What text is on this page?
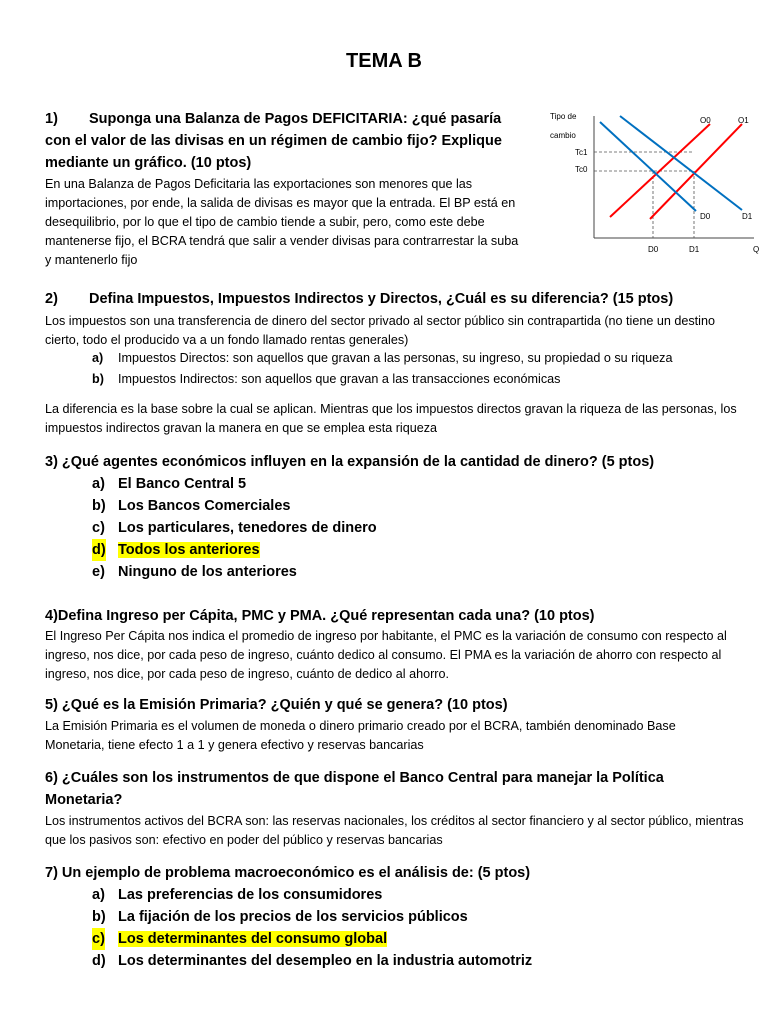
TEMA B
1) Suponga una Balanza de Pagos DEFICITARIA: ¿qué pasaría con el valor de las divisas en un régimen de cambio fijo? Explique mediante un gráfico. (10 ptos)
En una Balanza de Pagos Deficitaria las exportaciones son menores que las importaciones, por ende, la salida de divisas es mayor que la entrada. El BP está en desequilibrio, por lo que el tipo de cambio tiende a subir, pero, como este debe mantenerse fijo, el BCRA tendrá que salir a vender divisas para contrarrestar la suba y mantenerlo fijo
Tipo de
cambio
Tc1
Tc0
O0	O1
D0	D1
D0	D1	Q
2) Defina Impuestos, Impuestos Indirectos y Directos, ¿Cuál es su diferencia? (15 ptos)
Los impuestos son una transferencia de dinero del sector privado al sector público sin contrapartida (no tiene un destino cierto, todo el producido va a un fondo llamado rentas generales)
a) Impuestos Directos: son aquellos que gravan a las personas, su ingreso, su propiedad o su riqueza
b) Impuestos Indirectos: son aquellos que gravan a las transacciones económicas
La diferencia es la base sobre la cual se aplican. Mientras que los impuestos directos gravan la riqueza de las personas, los impuestos indirectos gravan la manera en que se emplea esta riqueza
3) ¿Qué agentes económicos influyen en la expansión de la cantidad de dinero? (5 ptos)
a) El Banco Central 5
b) Los Bancos Comerciales
c) Los particulares, tenedores de dinero
d) Todos los anteriores
e) Ninguno de los anteriores
4)Defina Ingreso per Cápita, PMC y PMA. ¿Qué representan cada una? (10 ptos)
El Ingreso Per Cápita nos indica el promedio de ingreso por habitante, el PMC es la variación de consumo con respecto al ingreso, nos dice, por cada peso de ingreso, cuánto dedico al consumo. El PMA es la variación de ahorro con respecto al ingreso, nos dice, por cada peso de ingreso, cuánto de dedico al ahorro.
5) ¿Qué es la Emisión Primaria? ¿Quién y qué se genera? (10 ptos)
La Emisión Primaria es el volumen de moneda o dinero primario creado por el BCRA, también denominado Base Monetaria, tiene efecto 1 a 1 y genera efectivo y reservas bancarias
6) ¿Cuáles son los instrumentos de que dispone el Banco Central para manejar la Política Monetaria?
Los instrumentos activos del BCRA son: las reservas nacionales, los créditos al sector financiero y al sector público, mientras que los pasivos son: efectivo en poder del público y reservas bancarias
7) Un ejemplo de problema macroeconómico es el análisis de: (5 ptos)
a) Las preferencias de los consumidores
b) La fijación de los precios de los servicios públicos
c) Los determinantes del consumo global
d) Los determinantes del desempleo en la industria automotriz
